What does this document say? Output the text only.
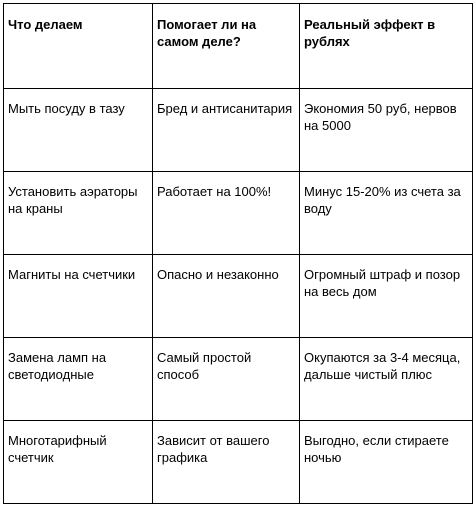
Что делаем	Помогает ли на самом деле?	Реальный эффект в рублях
Мыть посуду в тазу	Бред и антисанитария	Экономия 50 руб, нервов на 5000
Установить аэраторы на краны	Работает на 100%!	Минус 15-20% из счета за воду
Магниты на счетчики	Опасно и незаконно	Огромный штраф и позор на весь дом
Замена ламп на светодиодные	Самый простой способ	Окупаются за 3-4 месяца, дальше чистый плюс
Многотарифный счетчик	Зависит от вашего графика	Выгодно, если стираете ночью
